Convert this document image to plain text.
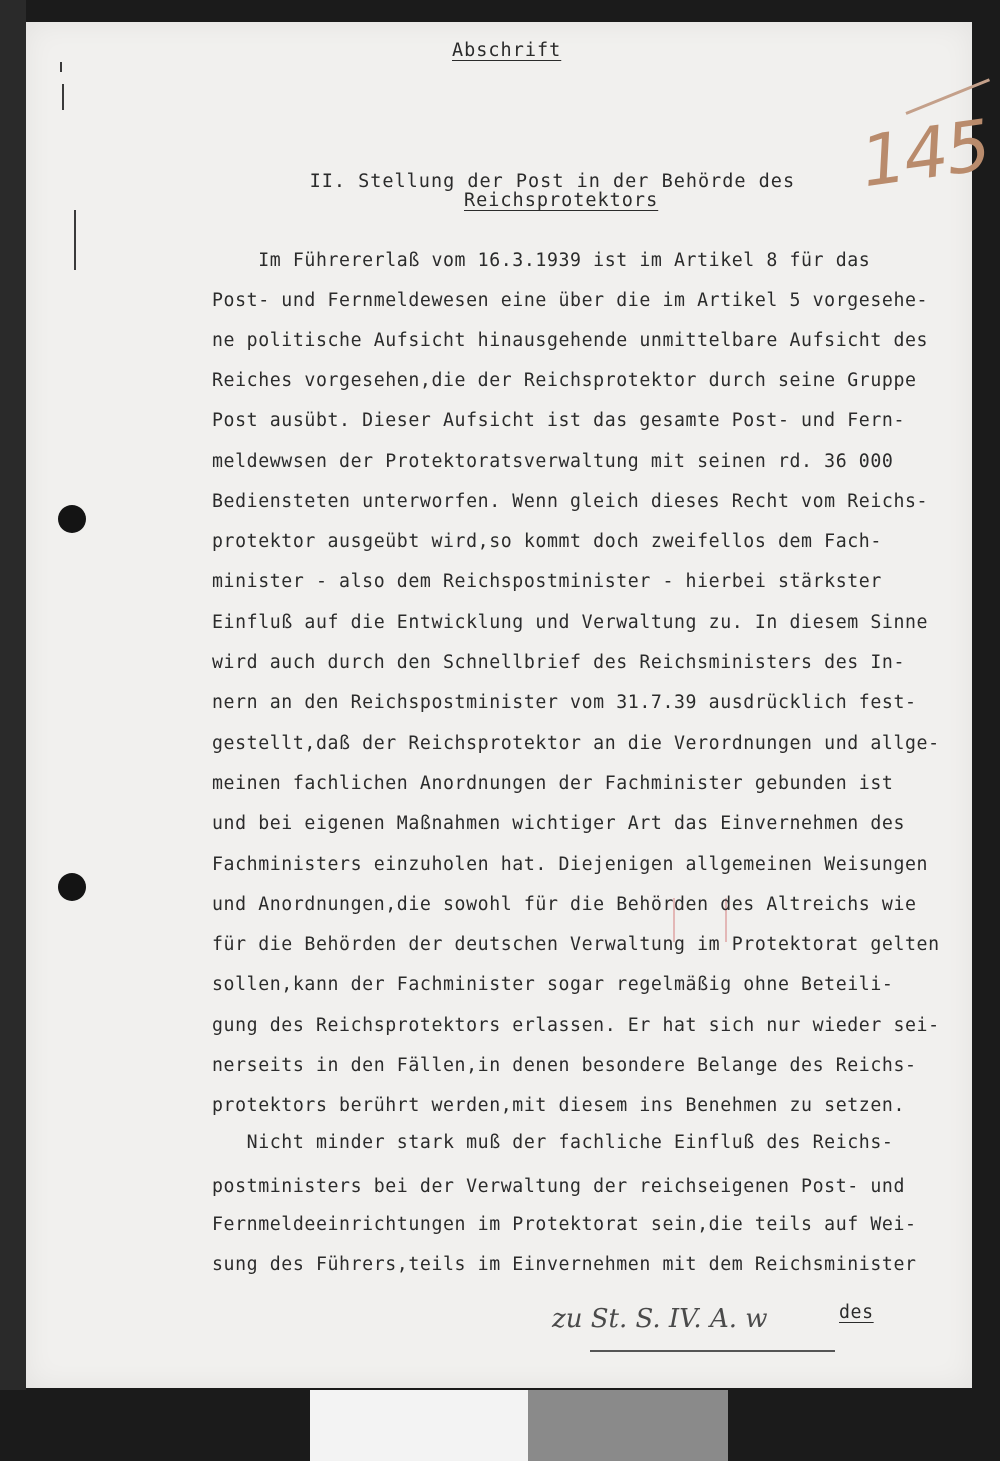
145
Abschrift

II. Stellung der Post in der Behörde des

Reichsprotektors
Im Führererlaß vom 16.3.1939 ist im Artikel 8 für das
Post- und Fernmeldewesen eine über die im Artikel 5 vorgesehe-
ne politische Aufsicht hinausgehende unmittelbare Aufsicht des
Reiches vorgesehen,die der Reichsprotektor durch seine Gruppe
Post ausübt. Dieser Aufsicht ist das gesamte Post- und Fern-
meldewwsen der Protektoratsverwaltung mit seinen rd. 36 000
Bediensteten unterworfen. Wenn gleich dieses Recht vom Reichs-
protektor ausgeübt wird,so kommt doch zweifellos dem Fach-
minister - also dem Reichspostminister - hierbei stärkster
Einfluß auf die Entwicklung und Verwaltung zu. In diesem Sinne
wird auch durch den Schnellbrief des Reichsministers des In-
nern an den Reichspostminister vom 31.7.39 ausdrücklich fest-
gestellt,daß der Reichsprotektor an die Verordnungen und allge-
meinen fachlichen Anordnungen der Fachminister gebunden ist
und bei eigenen Maßnahmen wichtiger Art das Einvernehmen des
Fachministers einzuholen hat. Diejenigen allgemeinen Weisungen
und Anordnungen,die sowohl für die Behörden des Altreichs wie
für die Behörden der deutschen Verwaltung im Protektorat gelten
sollen,kann der Fachminister sogar regelmäßig ohne Beteili-
gung des Reichsprotektors erlassen. Er hat sich nur wieder sei-
nerseits in den Fällen,in denen besondere Belange des Reichs-
protektors berührt werden,mit diesem ins Benehmen zu setzen.
Nicht minder stark muß der fachliche Einfluß des Reichs-
postministers bei der Verwaltung der reichseigenen Post- und
Fernmeldeeinrichtungen im Protektorat sein,die teils auf Wei-
sung des Führers,teils im Einvernehmen mit dem Reichsminister
des
zu St. S. IV. A. w
